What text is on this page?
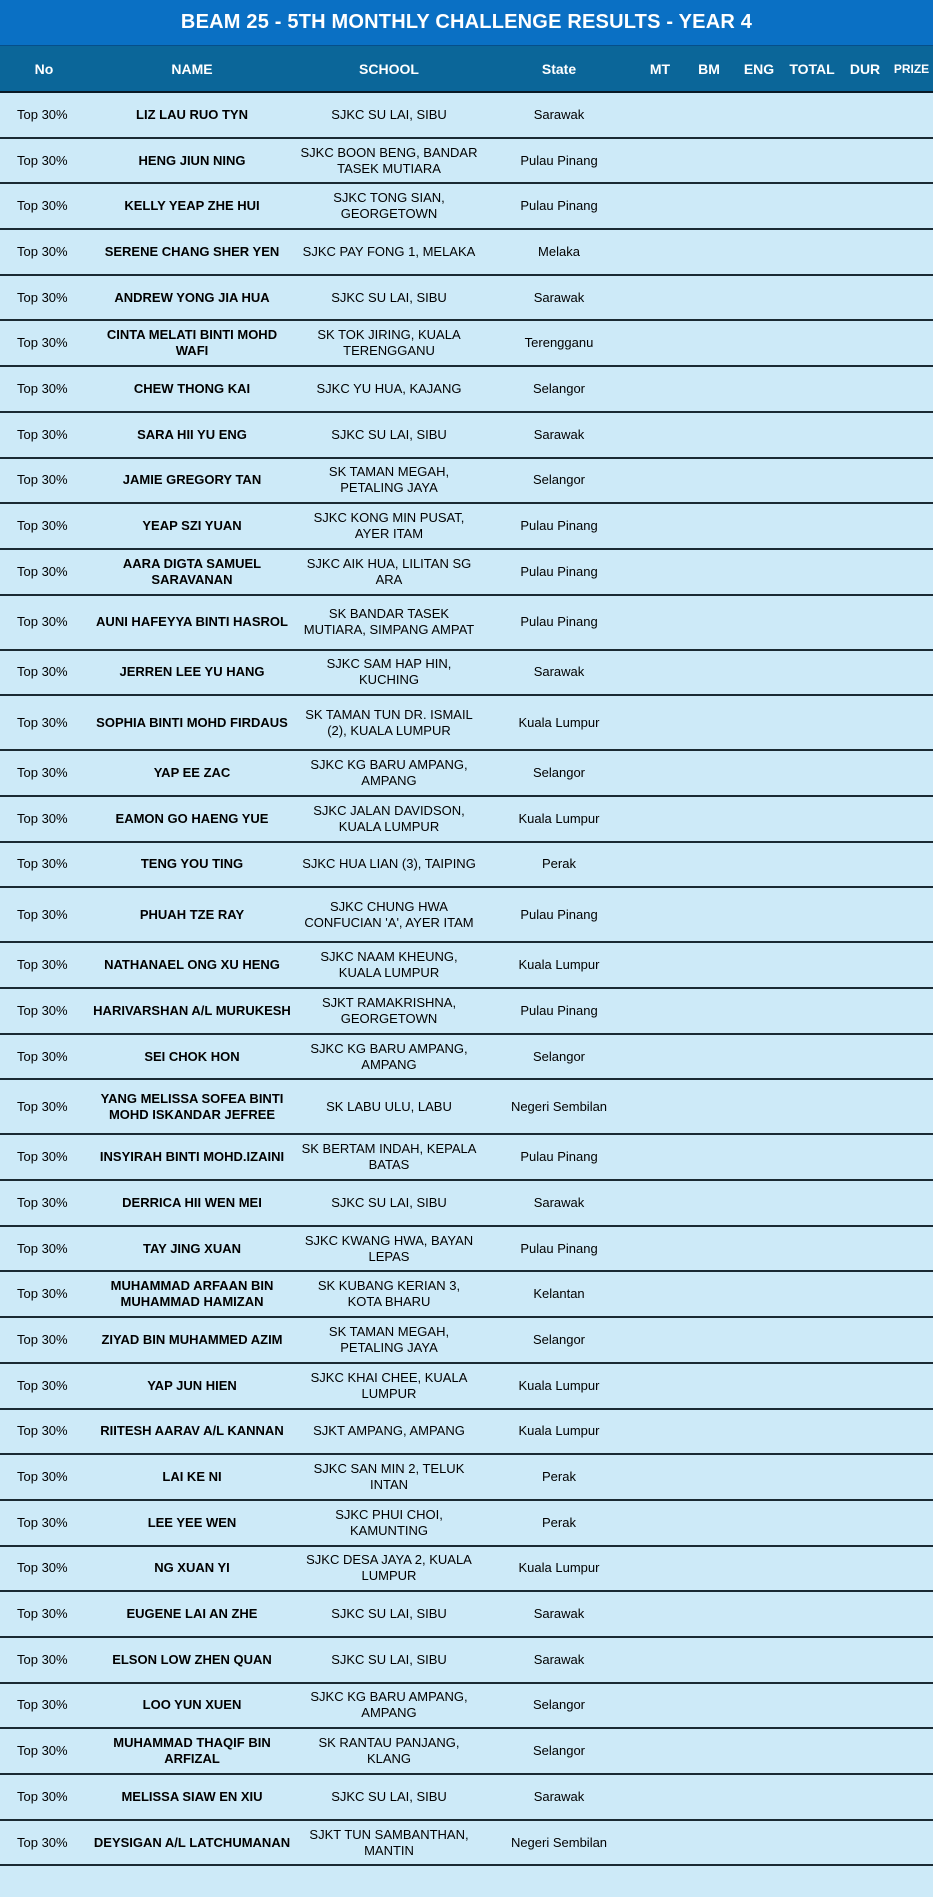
BEAM 25 - 5TH MONTHLY CHALLENGE RESULTS - YEAR 4
No	NAME	SCHOOL	State	MT	BM	ENG	TOTAL	DUR	PRIZE
Top 30%	LIZ LAU RUO TYN	SJKC SU LAI, SIBU	Sarawak						
Top 30%	HENG JIUN NING	SJKC BOON BENG, BANDAR TASEK MUTIARA	Pulau Pinang						
Top 30%	KELLY YEAP ZHE HUI	SJKC TONG SIAN, GEORGETOWN	Pulau Pinang						
Top 30%	SERENE CHANG SHER YEN	SJKC PAY FONG 1, MELAKA	Melaka						
Top 30%	ANDREW YONG JIA HUA	SJKC SU LAI, SIBU	Sarawak						
Top 30%	CINTA MELATI BINTI MOHD WAFI	SK TOK JIRING, KUALA TERENGGANU	Terengganu						
Top 30%	CHEW THONG KAI	SJKC YU HUA, KAJANG	Selangor						
Top 30%	SARA HII YU ENG	SJKC SU LAI, SIBU	Sarawak						
Top 30%	JAMIE GREGORY TAN	SK TAMAN MEGAH, PETALING JAYA	Selangor						
Top 30%	YEAP SZI YUAN	SJKC KONG MIN PUSAT, AYER ITAM	Pulau Pinang						
Top 30%	AARA DIGTA SAMUEL SARAVANAN	SJKC AIK HUA, LILITAN SG ARA	Pulau Pinang						
Top 30%	AUNI HAFEYYA BINTI HASROL	SK BANDAR TASEK MUTIARA, SIMPANG AMPAT	Pulau Pinang						
Top 30%	JERREN LEE YU HANG	SJKC SAM HAP HIN, KUCHING	Sarawak						
Top 30%	SOPHIA BINTI MOHD FIRDAUS	SK TAMAN TUN DR. ISMAIL (2), KUALA LUMPUR	Kuala Lumpur						
Top 30%	YAP EE ZAC	SJKC KG BARU AMPANG, AMPANG	Selangor						
Top 30%	EAMON GO HAENG YUE	SJKC JALAN DAVIDSON, KUALA LUMPUR	Kuala Lumpur						
Top 30%	TENG YOU TING	SJKC HUA LIAN (3), TAIPING	Perak						
Top 30%	PHUAH TZE RAY	SJKC CHUNG HWA CONFUCIAN 'A', AYER ITAM	Pulau Pinang						
Top 30%	NATHANAEL ONG XU HENG	SJKC NAAM KHEUNG, KUALA LUMPUR	Kuala Lumpur						
Top 30%	HARIVARSHAN A/L MURUKESH	SJKT RAMAKRISHNA, GEORGETOWN	Pulau Pinang						
Top 30%	SEI CHOK HON	SJKC KG BARU AMPANG, AMPANG	Selangor						
Top 30%	YANG MELISSA SOFEA BINTI MOHD ISKANDAR JEFREE	SK LABU ULU, LABU	Negeri Sembilan						
Top 30%	INSYIRAH BINTI MOHD.IZAINI	SK BERTAM INDAH, KEPALA BATAS	Pulau Pinang						
Top 30%	DERRICA HII WEN MEI	SJKC SU LAI, SIBU	Sarawak						
Top 30%	TAY JING XUAN	SJKC KWANG HWA, BAYAN LEPAS	Pulau Pinang						
Top 30%	MUHAMMAD ARFAAN BIN MUHAMMAD HAMIZAN	SK KUBANG KERIAN 3, KOTA BHARU	Kelantan						
Top 30%	ZIYAD BIN MUHAMMED AZIM	SK TAMAN MEGAH, PETALING JAYA	Selangor						
Top 30%	YAP JUN HIEN	SJKC KHAI CHEE, KUALA LUMPUR	Kuala Lumpur						
Top 30%	RIITESH AARAV A/L KANNAN	SJKT AMPANG, AMPANG	Kuala Lumpur						
Top 30%	LAI KE NI	SJKC SAN MIN 2, TELUK INTAN	Perak						
Top 30%	LEE YEE WEN	SJKC PHUI CHOI, KAMUNTING	Perak						
Top 30%	NG XUAN YI	SJKC DESA JAYA 2, KUALA LUMPUR	Kuala Lumpur						
Top 30%	EUGENE LAI AN ZHE	SJKC SU LAI, SIBU	Sarawak						
Top 30%	ELSON LOW ZHEN QUAN	SJKC SU LAI, SIBU	Sarawak						
Top 30%	LOO YUN XUEN	SJKC KG BARU AMPANG, AMPANG	Selangor						
Top 30%	MUHAMMAD THAQIF BIN ARFIZAL	SK RANTAU PANJANG, KLANG	Selangor						
Top 30%	MELISSA SIAW EN XIU	SJKC SU LAI, SIBU	Sarawak						
Top 30%	DEYSIGAN A/L LATCHUMANAN	SJKT TUN SAMBANTHAN, MANTIN	Negeri Sembilan						
